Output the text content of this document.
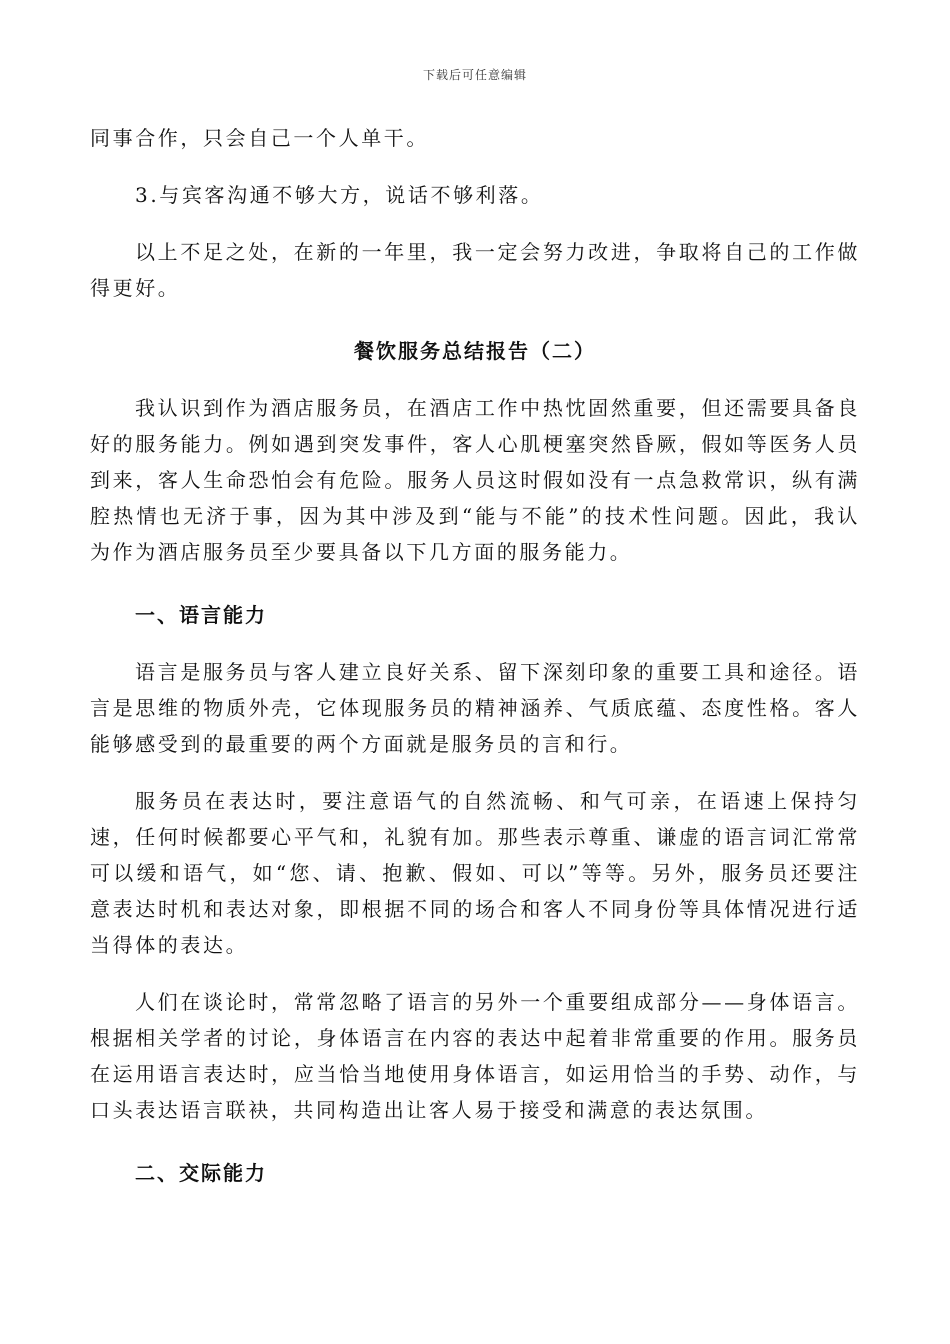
下载后可任意编辑

同事合作，只会自己一个人单干。

3.与宾客沟通不够大方，说话不够利落。

以上不足之处，在新的一年里，我一定会努力改进，争取将自己的工作做得更好。

餐饮服务总结报告（二）

我认识到作为酒店服务员，在酒店工作中热忱固然重要，但还需要具备良好的服务能力。例如遇到突发事件，客人心肌梗塞突然昏厥，假如等医务人员到来，客人生命恐怕会有危险。服务人员这时假如没有一点急救常识，纵有满腔热情也无济于事，因为其中涉及到“能与不能”的技术性问题。因此，我认为作为酒店服务员至少要具备以下几方面的服务能力。

一、语言能力

语言是服务员与客人建立良好关系、留下深刻印象的重要工具和途径。语言是思维的物质外壳，它体现服务员的精神涵养、气质底蕴、态度性格。客人能够感受到的最重要的两个方面就是服务员的言和行。

服务员在表达时，要注意语气的自然流畅、和气可亲，在语速上保持匀速，任何时候都要心平气和，礼貌有加。那些表示尊重、谦虚的语言词汇常常可以缓和语气，如“您、请、抱歉、假如、可以”等等。另外，服务员还要注意表达时机和表达对象，即根据不同的场合和客人不同身份等具体情况进行适当得体的表达。

人们在谈论时，常常忽略了语言的另外一个重要组成部分——身体语言。根据相关学者的讨论，身体语言在内容的表达中起着非常重要的作用。服务员在运用语言表达时，应当恰当地使用身体语言，如运用恰当的手势、动作，与口头表达语言联袂，共同构造出让客人易于接受和满意的表达氛围。

二、交际能力
